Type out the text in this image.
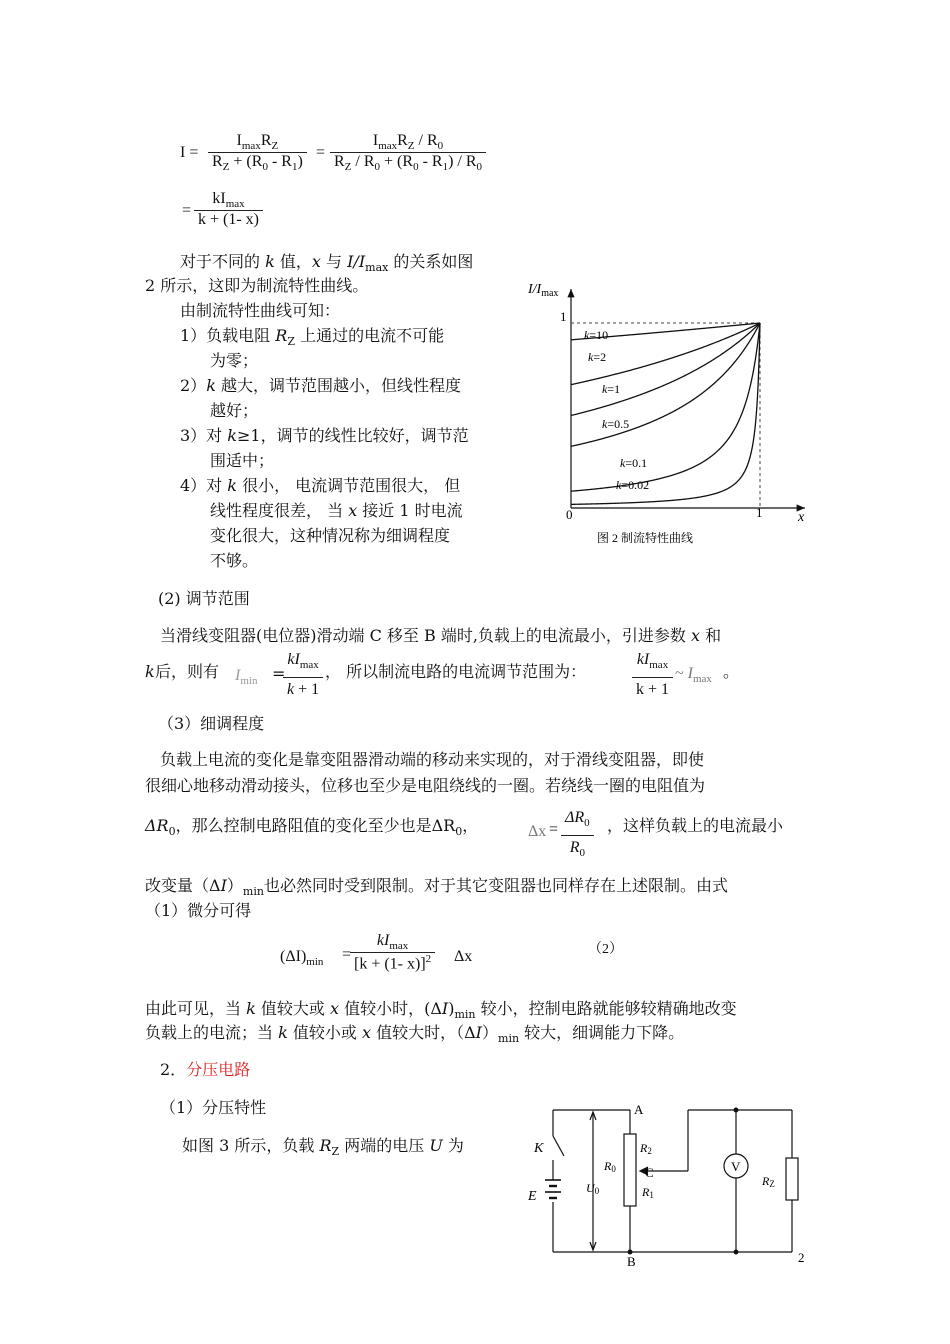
I =
$I_{max}R_Z$
$R_Z + (R_0 - R_1)$
=
$I_{max}R_Z / R_0$
$R_Z / R_0 + (R_0 - R_1) / R_0$
=
$kI_{max}$
k + (1- x)
对于不同的 k 值，x 与 $I/I_{max}$ 的关系如图
2 所示，这即为制流特性曲线。
由制流特性曲线可知：
1）负载电阻 $R_Z$ 上通过的电流不可能
为零；
2）k 越大，调节范围越小，但线性程度
越好；
3）对 k≥1，调节的线性比较好，调节范
围适中；
4）对 k 很小， 电流调节范围很大， 但
线性程度很差， 当 x 接近 1 时电流
变化很大，这种情况称为细调程度
不够。
k=10
k=2
k=1
k=0.5
k=0.1
k=0.02
$I/I_{max}$
1
0	1	x
图 2 制流特性曲线
(2) 调节范围
当滑线变阻器(电位器)滑动端 C 移至 B 端时,负载上的电流最小，引进参数 x 和
k 后，则有 $I_{min}$ =
$kI_{max}$
k + 1
， 所以制流电路的电流调节范围为：
$kI_{max}$
k + 1
~ $I_{max}$ 。
（3）细调程度
负载上电流的变化是靠变阻器滑动端的移动来实现的，对于滑线变阻器，即使
很细心地移动滑动接头，位移也至少是电阻绕线的一圈。若绕线一圈的电阻值为
$\Delta R_0$，那么控制电路阻值的变化至少也是$\Delta R_0$，	$\Delta x = \frac{\Delta R_0}{R_0}$ ，这样负载上的电流最小
改变量$(\Delta I)_{min}$也必然同时受到限制。对于其它变阻器也同样存在上述限制。由式
（1）微分可得
$(\Delta I)_{min}$ =
$kI_{max}$
[k + (1- x)]$^2$ Δx	（2）
由此可见，当 k 值较大或 x 值较小时，$(\Delta I)_{min}$ 较小，控制电路就能够较精确地改变
负载上的电流；当 k 值较小或 x 值较大时，$(\Delta I)_{min}$ 较大，细调能力下降。
2．分压电路
（1）分压特性
如图 3 所示，负载 $R_Z$ 两端的电压 U 为
A
B
C
K
E
R0
U0
R2
R1
V
RZ
2
